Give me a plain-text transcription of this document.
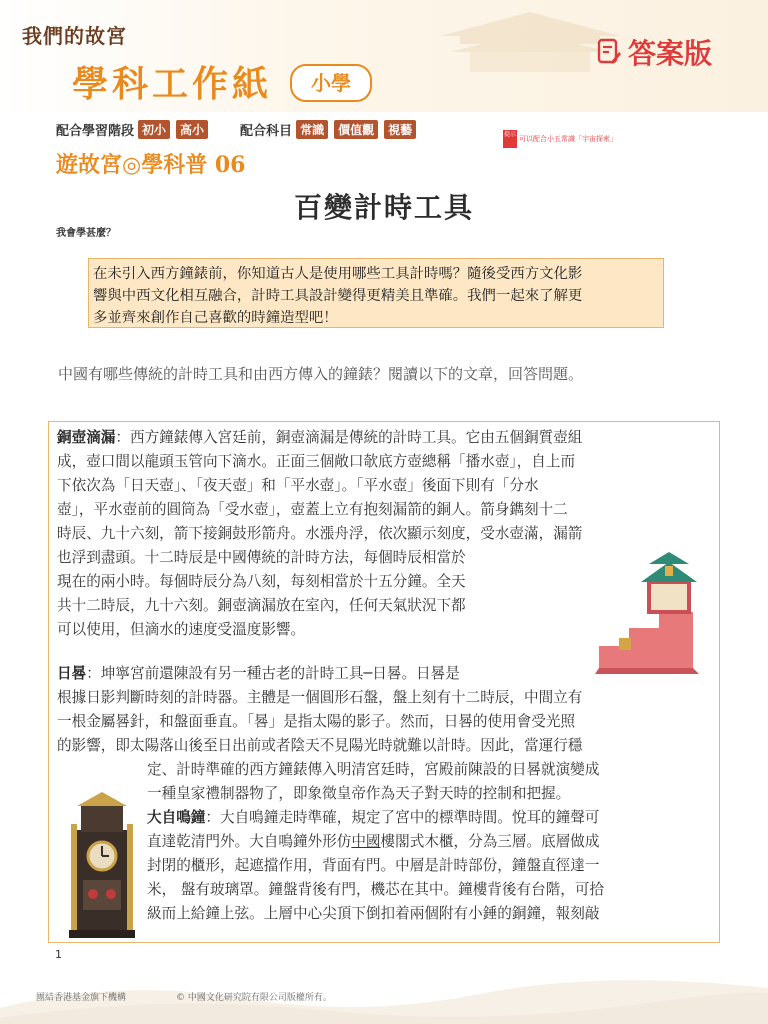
我們的故宮
學科工作紙	小學
答案版
配合學習階段 初小	高小	配合科目 常識	價值觀	視藝	提示
可以配合小五常識「宇宙探索」
遊故宮◎學科普 06
百變計時工具
我會學甚麼？
在未引入西方鐘錶前，你知道古人是使用哪些工具計時嗎？隨後受西方文化影
響與中西文化相互融合，計時工具設計變得更精美且準確。我們一起來了解更
多並齊來創作自己喜歡的時鐘造型吧！
中國有哪些傳統的計時工具和由西方傳入的鐘錶？閱讀以下的文章，回答問題。
銅壺滴漏：西方鐘錶傳入宮廷前，銅壺滴漏是傳統的計時工具。它由五個銅質壺組
成，壺口間以龍頭玉管向下滴水。正面三個敞口欹底方壺總稱「播水壺」，自上而
下依次為「日天壺」、「夜天壺」和「平水壺」。「平水壺」後面下則有「分水
壺」，平水壺前的圓筒為「受水壺」，壺蓋上立有抱刻漏箭的銅人。箭身鐫刻十二
時辰、九十六刻，箭下接銅鼓形箭舟。水漲舟浮，依次顯示刻度，受水壺滿，漏箭
也浮到盡頭。十二時辰是中國傳統的計時方法，每個時辰相當於
現在的兩小時。每個時辰分為八刻，每刻相當於十五分鐘。全天
共十二時辰，九十六刻。銅壺滴漏放在室內，任何天氣狀況下都
可以使用，但滴水的速度受溫度影響。
日晷：坤寧宮前還陳設有另一種古老的計時工具─日晷。日晷是
根據日影判斷時刻的計時器。主體是一個圓形石盤，盤上刻有十二時辰，中間立有
一根金屬晷針，和盤面垂直。「晷」是指太陽的影子。然而，日晷的使用會受光照
的影響，即太陽落山後至日出前或者陰天不見陽光時就難以計時。因此，當運行穩
定、計時準確的西方鐘錶傳入明清宮廷時，宮殿前陳設的日晷就演變成
一種皇家禮制器物了，即象徵皇帝作為天子對天時的控制和把握。
大自鳴鐘：大自鳴鐘走時準確，規定了宮中的標準時間。悅耳的鐘聲可
直達乾清門外。大自鳴鐘外形仿中國樓閣式木櫃，分為三層。底層做成
封閉的櫃形，起遮擋作用，背面有門。中層是計時部份，鐘盤直徑達一
米， 盤有玻璃罩。鐘盤背後有門，機芯在其中。鐘樓背後有台階，可拾
級而上給鐘上弦。上層中心尖頂下倒扣着兩個附有小錘的銅鐘，報刻敲
1
團結香港基金旗下機構	© 中國文化研究院有限公司版權所有。
